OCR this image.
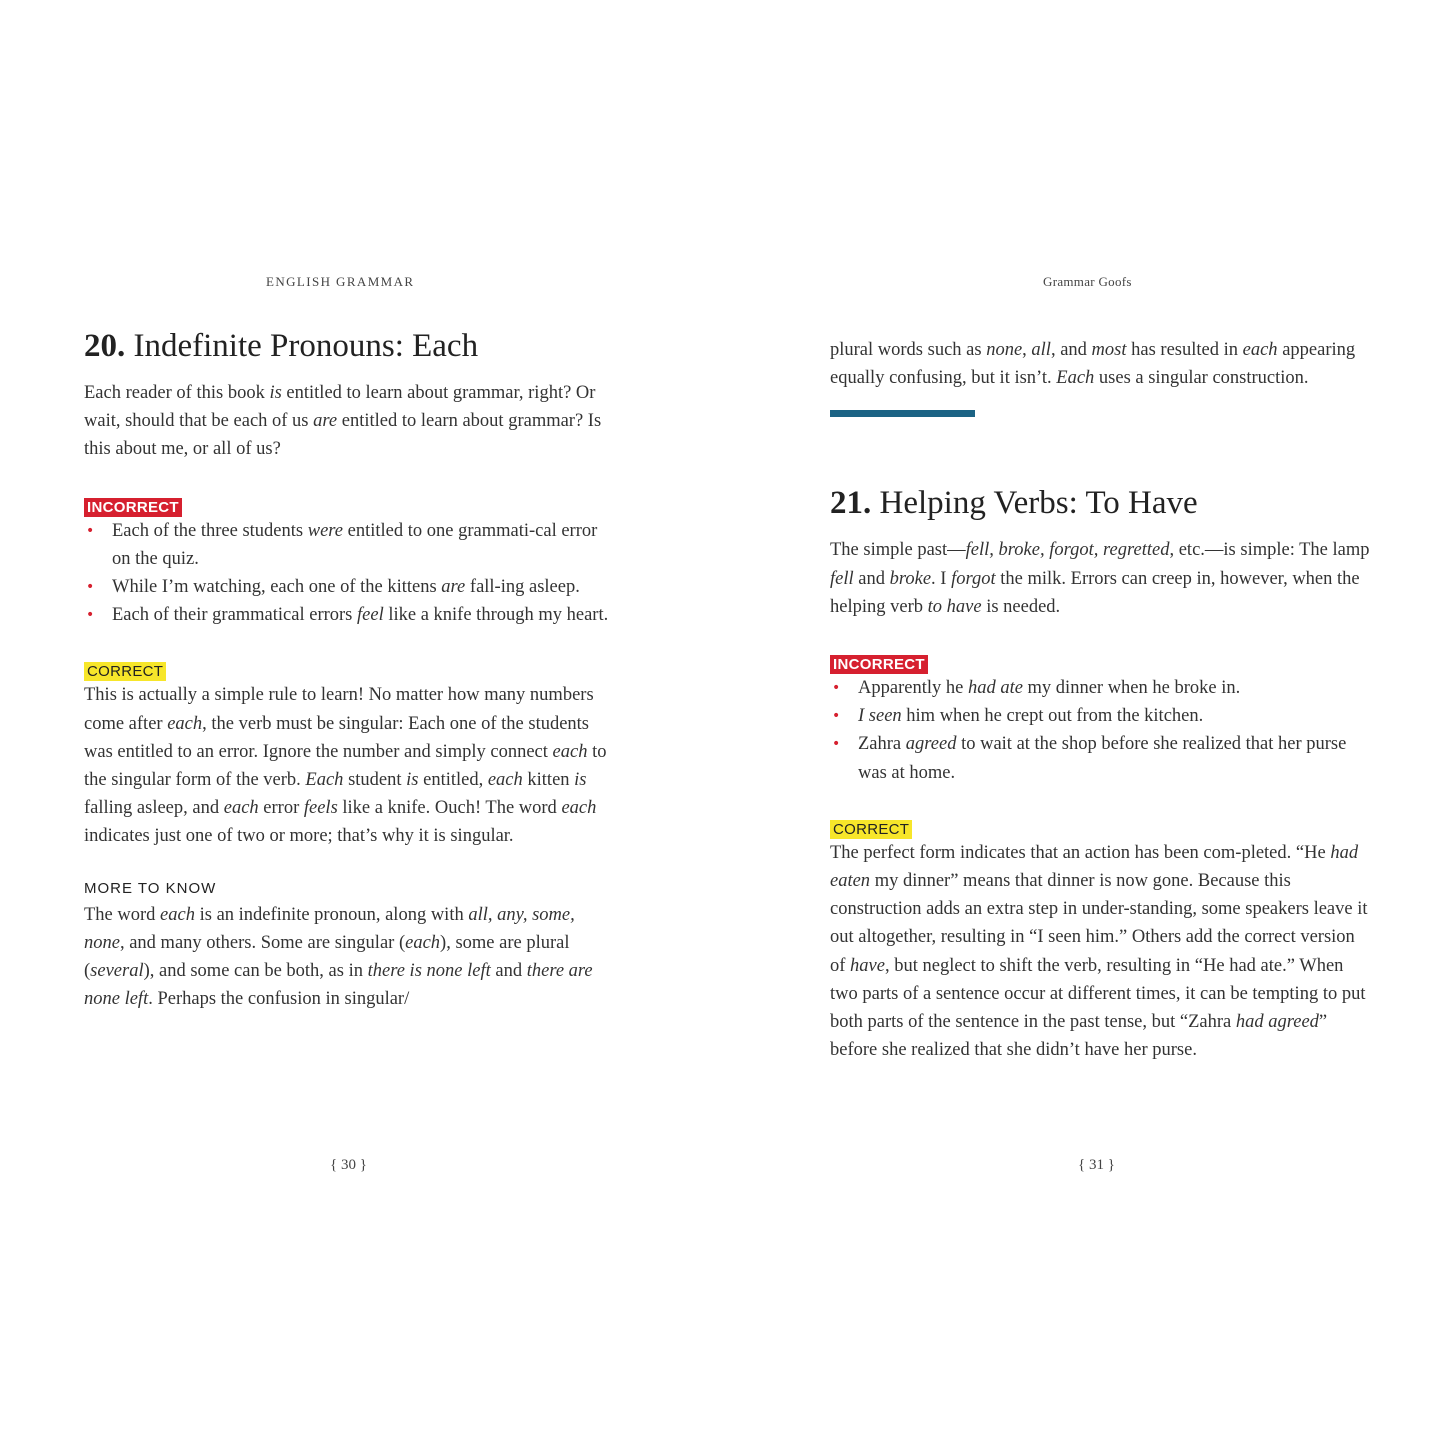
ENGLISH GRAMMAR
20. Indefinite Pronouns: Each

Each reader of this book is entitled to learn about grammar, right? Or wait, should that be each of us are entitled to learn about grammar? Is this about me, or all of us?

INCORRECT
• Each of the three students were entitled to one grammati-cal error on the quiz.
• While I’m watching, each one of the kittens are fall-ing asleep.
• Each of their grammatical errors feel like a knife through my heart.
CORRECT

This is actually a simple rule to learn! No matter how many numbers come after each, the verb must be singular: Each one of the students was entitled to an error. Ignore the number and simply connect each to the singular form of the verb. Each student is entitled, each kitten is falling asleep, and each error feels like a knife. Ouch! The word each indicates just one of two or more; that’s why it is singular.

MORE TO KNOW

The word each is an indefinite pronoun, along with all, any, some, none, and many others. Some are singular (each), some are plural (several), and some can be both, as in there is none left and there are none left. Perhaps the confusion in singular/

{ 30 }
Grammar Goofs

plural words such as none, all, and most has resulted in each appearing equally confusing, but it isn’t. Each uses a singular construction.

21. Helping Verbs: To Have

The simple past—fell, broke, forgot, regretted, etc.—is simple: The lamp fell and broke. I forgot the milk. Errors can creep in, however, when the helping verb to have is needed.

INCORRECT
• Apparently he had ate my dinner when he broke in.
• I seen him when he crept out from the kitchen.
• Zahra agreed to wait at the shop before she realized that her purse was at home.
CORRECT

The perfect form indicates that an action has been com-pleted. “He had eaten my dinner” means that dinner is now gone. Because this construction adds an extra step in under-standing, some speakers leave it out altogether, resulting in “I seen him.” Others add the correct version of have, but neglect to shift the verb, resulting in “He had ate.” When two parts of a sentence occur at different times, it can be tempting to put both parts of the sentence in the past tense, but “Zahra had agreed” before she realized that she didn’t have her purse.

{ 31 }
